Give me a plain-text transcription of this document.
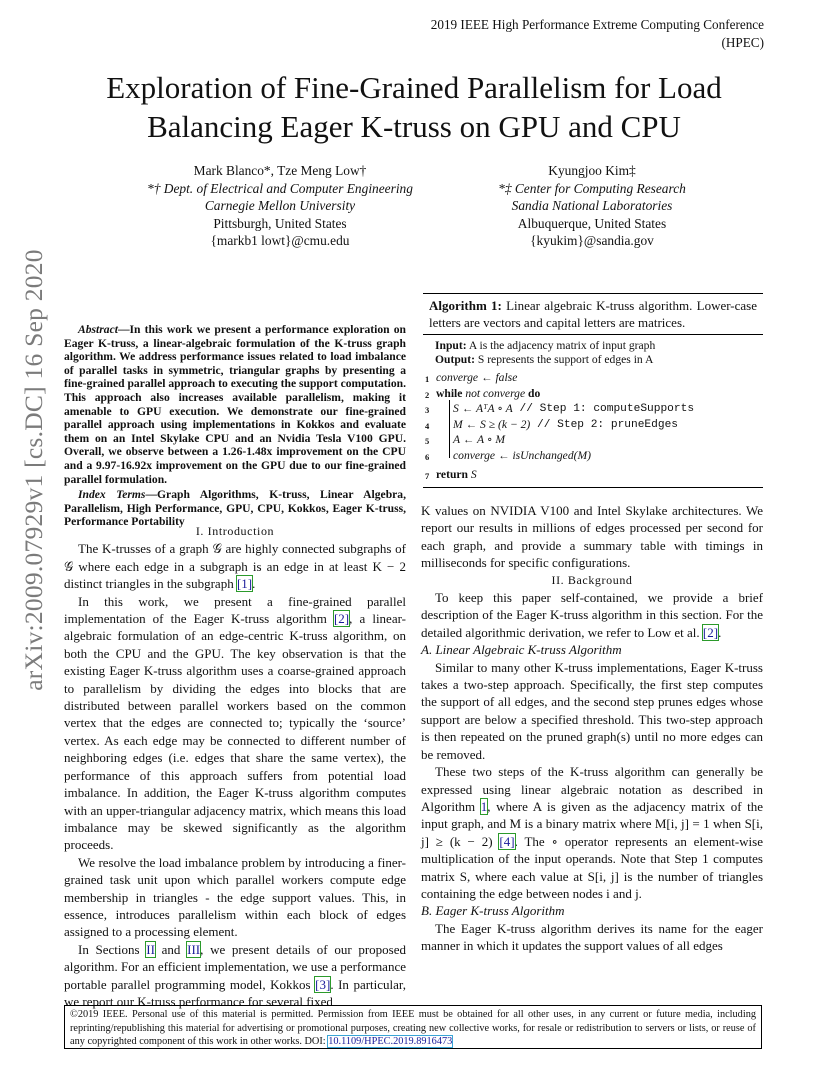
2019 IEEE High Performance Extreme Computing Conference
(HPEC)
Exploration of Fine-Grained Parallelism for Load
Balancing Eager K-truss on GPU and CPU
Mark Blanco*, Tze Meng Low†
*† Dept. of Electrical and Computer Engineering
Carnegie Mellon University
Pittsburgh, United States
{markb1 lowt}@cmu.edu
Kyungjoo Kim‡
*‡ Center for Computing Research
Sandia National Laboratories
Albuquerque, United States
{kyukim}@sandia.gov
arXiv:2009.07929v1 [cs.DC] 16 Sep 2020	Abstract—In this work we present a performance exploration on Eager K-truss, a linear-algebraic formulation of the K-truss graph algorithm. We address performance issues related to load imbalance of parallel tasks in symmetric, triangular graphs by presenting a fine-grained parallel approach to executing the support computation. This approach also increases available parallelism, making it amenable to GPU execution. We demonstrate our fine-grained parallel approach using implementations in Kokkos and evaluate them on an Intel Skylake CPU and an Nvidia Tesla V100 GPU. Overall, we observe between a 1.26-1.48x improvement on the CPU and a 9.97-16.92x improvement on the GPU due to our fine-grained parallel formulation.

Index Terms—Graph Algorithms, K-truss, Linear Algebra, Parallelism, High Performance, GPU, CPU, Kokkos, Eager K-truss, Performance Portability

I. Introduction

The K-trusses of a graph 𝒢 are highly connected subgraphs of 𝒢 where each edge in a subgraph is an edge in at least K − 2 distinct triangles in the subgraph [1].

In this work, we present a fine-grained parallel implementation of the Eager K-truss algorithm [2], a linear-algebraic formulation of an edge-centric K-truss algorithm, on both the CPU and the GPU. The key observation is that the existing Eager K-truss algorithm uses a coarse-grained approach to parallelism by dividing the edges into blocks that are distributed between parallel workers based on the common vertex that the edges are connected to; typically the ‘source’ vertex. As each edge may be connected to different number of neighboring edges (i.e. edges that share the same vertex), the performance of this approach suffers from potential load imbalance. In addition, the Eager K-truss algorithm computes with an upper-triangular adjacency matrix, which means this load imbalance may be skewed significantly as the algorithm proceeds.

We resolve the load imbalance problem by introducing a finer-grained task unit upon which parallel workers compute edge membership in triangles - the edge support values. This, in essence, introduces parallelism within each block of edges assigned to a processing element.

In Sections II and III, we present details of our proposed algorithm. For an efficient implementation, we use a performance portable parallel programming model, Kokkos [3]. In particular, we report our K-truss performance for several fixed

Algorithm 1: Linear algebraic K-truss algorithm. Lower-case letters are vectors and capital letters are matrices.
Input: A is the adjacency matrix of input graph
Output: S represents the support of edges in A
1 converge ← false
2 while not converge do
3	S ← AᵀA ∘ A // Step 1: computeSupports
4	M ← S ≥ (k − 2) // Step 2: pruneEdges
5	A ← A ∘ M
6	converge ← isUnchanged(M)
7 return S

K values on NVIDIA V100 and Intel Skylake architectures. We report our results in millions of edges processed per second for each graph, and provide a summary table with timings in milliseconds for specific configurations.

II. Background

To keep this paper self-contained, we provide a brief description of the Eager K-truss algorithm in this section. For the detailed algorithmic derivation, we refer to Low et al. [2].

A. Linear Algebraic K-truss Algorithm

Similar to many other K-truss implementations, Eager K-truss takes a two-step approach. Specifically, the first step computes the support of all edges, and the second step prunes edges whose support are below a specified threshold. This two-step approach is then repeated on the pruned graph(s) until no more edges can be removed.

These two steps of the K-truss algorithm can generally be expressed using linear algebraic notation as described in Algorithm 1, where A is given as the adjacency matrix of the input graph, and M is a binary matrix where M[i, j] = 1 when S[i, j] ≥ (k − 2) [4]. The ∘ operator represents an element-wise multiplication of the input operands. Note that Step 1 computes matrix S, where each value at S[i, j] is the number of triangles containing the edge between nodes i and j.

B. Eager K-truss Algorithm

The Eager K-truss algorithm derives its name for the eager manner in which it updates the support values of all edges

©2019 IEEE. Personal use of this material is permitted. Permission from IEEE must be obtained for all other uses, in any current or future media, including reprinting/republishing this material for advertising or promotional purposes, creating new collective works, for resale or redistribution to servers or lists, or reuse of any copyrighted component of this work in other works. DOI: 10.1109/HPEC.2019.8916473
